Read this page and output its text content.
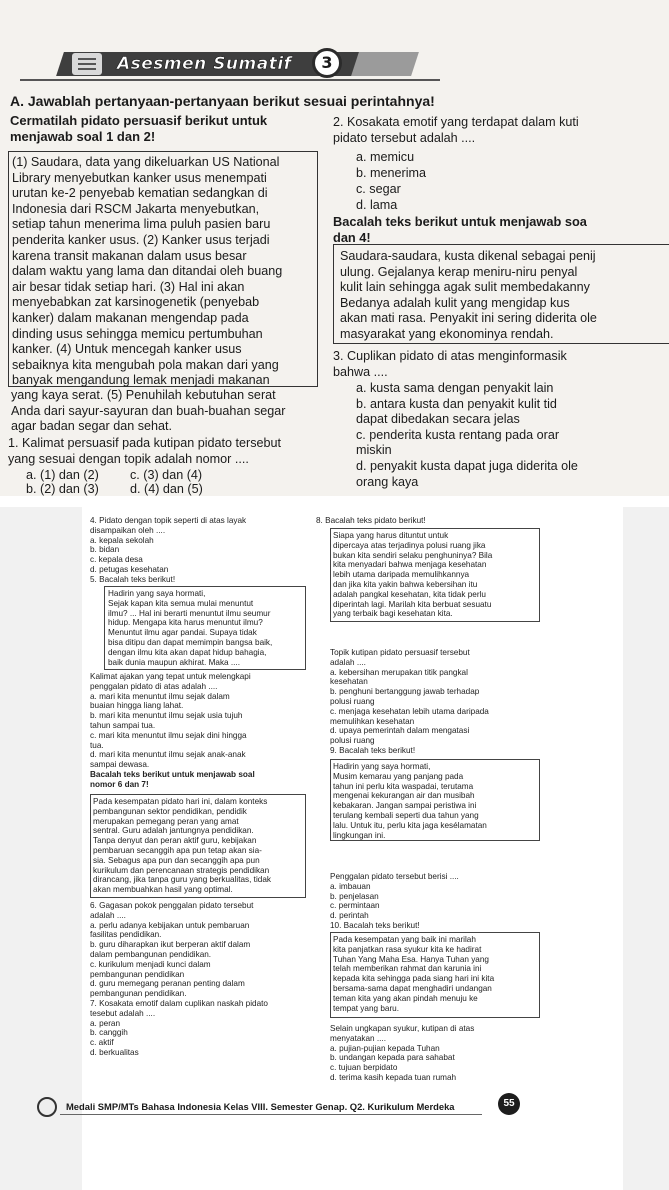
Asesmen Sumatif	3
A. Jawablah pertanyaan-pertanyaan berikut sesuai perintahnya!
Cermatilah pidato persuasif berikut untuk
menjawab soal 1 dan 2!
(1) Saudara, data yang dikeluarkan US National
Library menyebutkan kanker usus menempati
urutan ke-2 penyebab kematian sedangkan di
Indonesia dari RSCM Jakarta menyebutkan,
setiap tahun menerima lima puluh pasien baru
penderita kanker usus. (2) Kanker usus terjadi
karena transit makanan dalam usus besar
dalam waktu yang lama dan ditandai oleh buang
air besar tidak setiap hari. (3) Hal ini akan
menyebabkan zat karsinogenetik (penyebab
kanker) dalam makanan mengendap pada
dinding usus sehingga memicu pertumbuhan
kanker. (4) Untuk mencegah kanker usus
sebaiknya kita mengubah pola makan dari yang
banyak mengandung lemak menjadi makanan
yang kaya serat. (5) Penuhilah kebutuhan serat
Anda dari sayur-sayuran dan buah-buahan segar
agar badan segar dan sehat.
1. Kalimat persuasif pada kutipan pidato tersebut
yang sesuai dengan topik adalah nomor ....
a. (1) dan (2) c. (3) dan (4)
b. (2) dan (3) d. (4) dan (5)
2. Kosakata emotif yang terdapat dalam kuti
pidato tersebut adalah ....
a. memicu
b. menerima
c. segar
d. lama
Bacalah teks berikut untuk menjawab soa
dan 4!
Saudara-saudara, kusta dikenal sebagai penij
ulung. Gejalanya kerap meniru-niru penyal
kulit lain sehingga agak sulit membedakanny
Bedanya adalah kulit yang mengidap kus
akan mati rasa. Penyakit ini sering diderita ole
masyarakat yang ekonominya rendah.
3. Cuplikan pidato di atas menginformasik
bahwa ....
a. kusta sama dengan penyakit lain
b. antara kusta dan penyakit kulit tid
dapat dibedakan secara jelas
c. penderita kusta rentang pada orar
miskin
d. penyakit kusta dapat juga diderita ole
orang kaya
4. Pidato dengan topik seperti di atas layak
disampaikan oleh ....
a. kepala sekolah
b. bidan
c. kepala desa
d. petugas kesehatan
5. Bacalah teks berikut!
Hadirin yang saya hormati,
Sejak kapan kita semua mulai menuntut
ilmu? ... Hal ini berarti menuntut ilmu seumur
hidup. Mengapa kita harus menuntut ilmu?
Menuntut ilmu agar pandai. Supaya tidak
bisa ditipu dan dapat memimpin bangsa baik,
dengan ilmu kita akan dapat hidup bahagia,
baik dunia maupun akhirat. Maka ....
Kalimat ajakan yang tepat untuk melengkapi
penggalan pidato di atas adalah ....
a. mari kita menuntut ilmu sejak dalam
buaian hingga liang lahat.
b. mari kita menuntut ilmu sejak usia tujuh
tahun sampai tua.
c. mari kita menuntut ilmu sejak dini hingga
tua.
d. mari kita menuntut ilmu sejak anak-anak
sampai dewasa.
Bacalah teks berikut untuk menjawab soal
nomor 6 dan 7!
Pada kesempatan pidato hari ini, dalam konteks
pembangunan sektor pendidikan, pendidik
merupakan pemegang peran yang amat
sentral. Guru adalah jantungnya pendidikan.
Tanpa denyut dan peran aktif guru, kebijakan
pembaruan secanggih apa pun tetap akan sia-
sia. Sebagus apa pun dan secanggih apa pun
kurikulum dan perencanaan strategis pendidikan
dirancang, jika tanpa guru yang berkualitas, tidak
akan membuahkan hasil yang optimal.
6. Gagasan pokok penggalan pidato tersebut
adalah ....
a. perlu adanya kebijakan untuk pembaruan
fasilitas pendidikan.
b. guru diharapkan ikut berperan aktif dalam
dalam pembangunan pendidikan.
c. kurikulum menjadi kunci dalam
pembangunan pendidikan
d. guru memegang peranan penting dalam
pembangunan pendidikan.
7. Kosakata emotif dalam cuplikan naskah pidato
tesebut adalah ....
a. peran
b. canggih
c. aktif
d. berkualitas
8. Bacalah teks pidato berikut!
Siapa yang harus dituntut untuk
dipercaya atas terjadinya polusi ruang jika
bukan kita sendiri selaku penghuninya? Bila
kita menyadari bahwa menjaga kesehatan
lebih utama daripada memulihkannya
dan jika kita yakin bahwa kebersihan itu
adalah pangkal kesehatan, kita tidak perlu
diperintah lagi. Marilah kita berbuat sesuatu
yang terbaik bagi kesehatan kita.
Topik kutipan pidato persuasif tersebut
adalah ....
a. kebersihan merupakan titik pangkal
kesehatan
b. penghuni bertanggung jawab terhadap
polusi ruang
c. menjaga kesehatan lebih utama daripada
memulihkan kesehatan
d. upaya pemerintah dalam mengatasi
polusi ruang
9. Bacalah teks berikut!
Hadirin yang saya hormati,
Musim kemarau yang panjang pada
tahun ini perlu kita waspadai, terutama
mengenai kekurangan air dan musibah
kebakaran. Jangan sampai peristiwa ini
terulang kembali seperti dua tahun yang
lalu. Untuk itu, perlu kita jaga kesélamatan
lingkungan ini.
Penggalan pidato tersebut berisi ....
a. imbauan
b. penjelasan
c. permintaan
d. perintah
10. Bacalah teks berikut!
Pada kesempatan yang baik ini marilah
kita panjatkan rasa syukur kita ke hadirat
Tuhan Yang Maha Esa. Hanya Tuhan yang
telah memberikan rahmat dan karunia ini
kepada kita sehingga pada siang hari ini kita
bersama-sama dapat menghadiri undangan
teman kita yang akan pindah menuju ke
tempat yang baru.
Selain ungkapan syukur, kutipan di atas
menyatakan ....
a. pujian-pujian kepada Tuhan
b. undangan kepada para sahabat
c. tujuan berpidato
d. terima kasih kepada tuan rumah
Medali SMP/MTs Bahasa Indonesia Kelas VIII. Semester Genap. Q2. Kurikulum Merdeka	55
